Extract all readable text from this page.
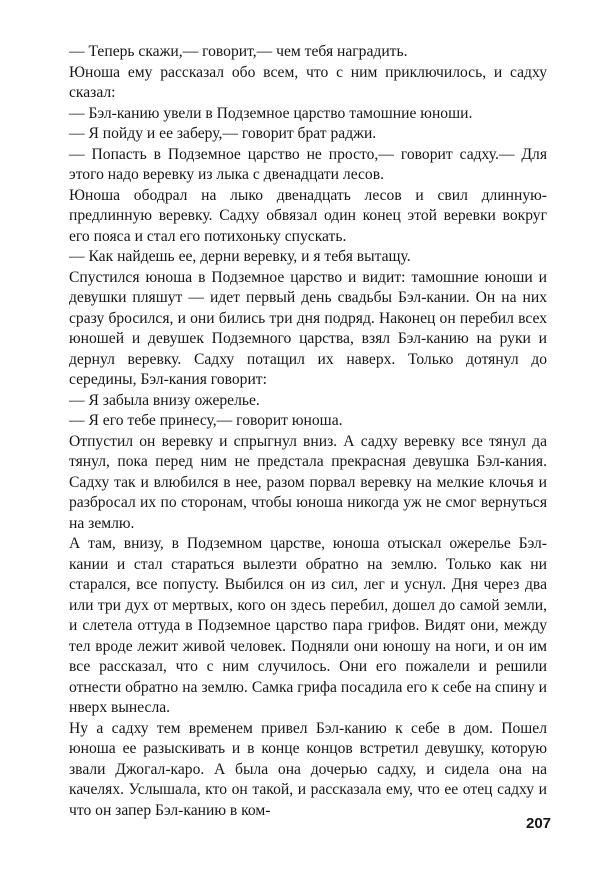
— Теперь скажи,— говорит,— чем тебя наградить.

Юноша ему рассказал обо всем, что с ним приключилось, и садху сказал:

— Бэл-канию увели в Подземное царство тамошние юноши.

— Я пойду и ее заберу,— говорит брат раджи.

— Попасть в Подземное царство не просто,— говорит садху.— Для этого надо веревку из лыка с двенадцати лесов.

Юноша ободрал на лыко двенадцать лесов и свил длинную-предлинную веревку. Садху обвязал один конец этой веревки вокруг его пояса и стал его потихоньку спускать.

— Как найдешь ее, дерни веревку, и я тебя вытащу.

Спустился юноша в Подземное царство и видит: тамошние юноши и девушки пляшут — идет первый день свадьбы Бэл-кании. Он на них сразу бросился, и они бились три дня подряд. Наконец он перебил всех юношей и девушек Подземного царства, взял Бэл-канию на руки и дернул веревку. Садху потащил их наверх. Только дотянул до середины, Бэл-кания говорит:

— Я забыла внизу ожерелье.

— Я его тебе принесу,— говорит юноша.

Отпустил он веревку и спрыгнул вниз. А садху веревку все тянул да тянул, пока перед ним не предстала прекрасная девушка Бэл-кания. Садху так и влюбился в нее, разом порвал веревку на мелкие клочья и разбросал их по сторонам, чтобы юноша никогда уж не смог вернуться на землю.

А там, внизу, в Подземном царстве, юноша отыскал ожерелье Бэл-кании и стал стараться вылезти обратно на землю. Только как ни старался, все попусту. Выбился он из сил, лег и уснул. Дня через два или три дух от мертвых, кого он здесь перебил, дошел до самой земли, и слетела оттуда в Подземное царство пара грифов. Видят они, между тел вроде лежит живой человек. Подняли они юношу на ноги, и он им все рассказал, что с ним случилось. Они его пожалели и решили отнести обратно на землю. Самка грифа посадила его к себе на спину и нверх вынесла.

Ну а садху тем временем привел Бэл-канию к себе в дом. Пошел юноша ее разыскивать и в конце концов встретил девушку, которую звали Джогал-каро. А была она дочерью садху, и сидела она на качелях. Услышала, кто он такой, и рассказала ему, что ее отец садху и что он запер Бэл-канию в ком-

207
